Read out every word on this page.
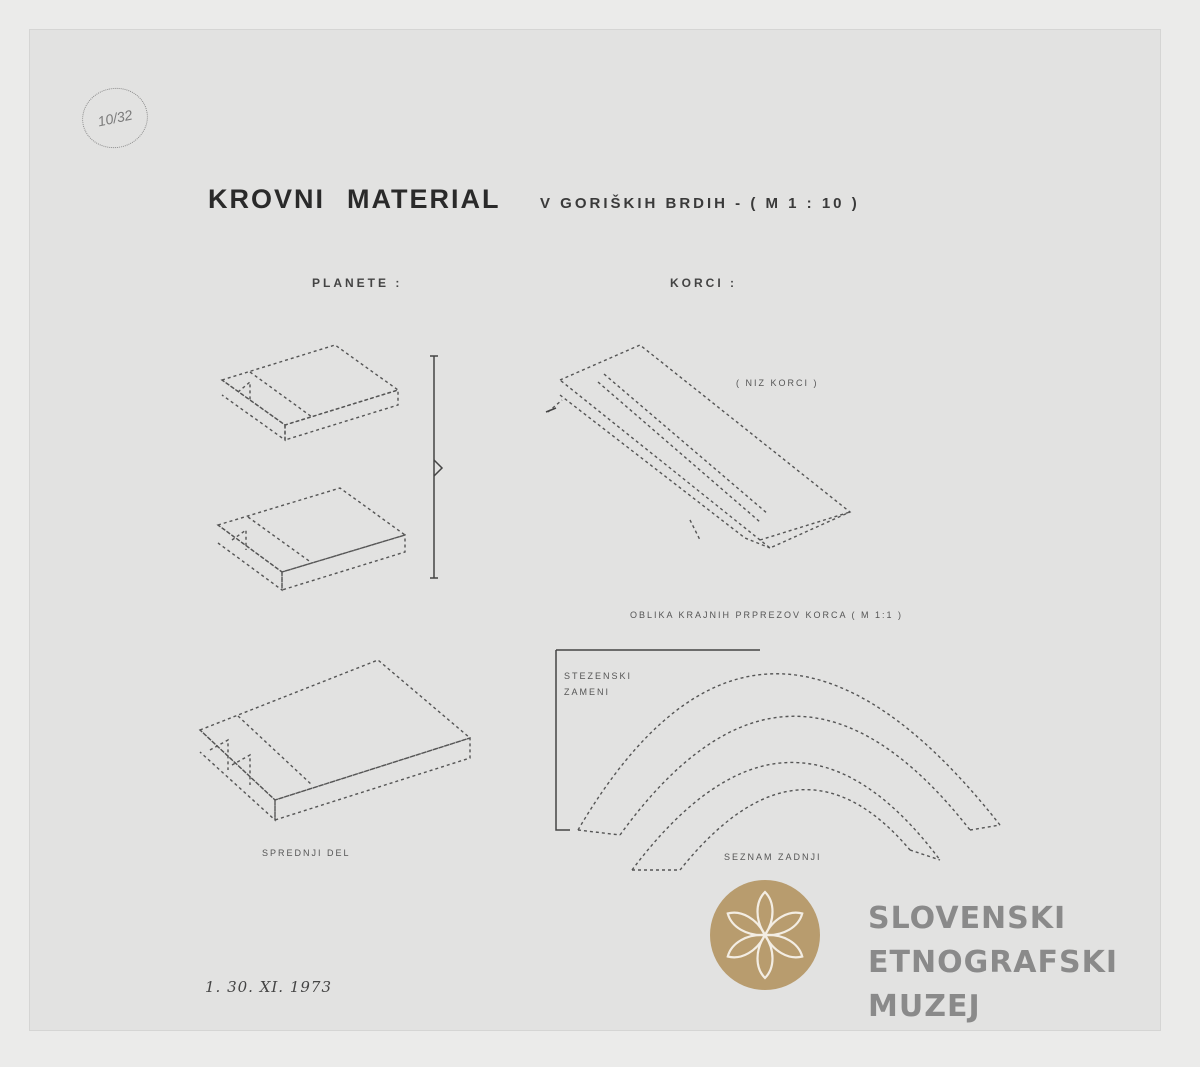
10/32
KROVNI MATERIAL	V GORIŠKIH BRDIH - ( M 1 : 10 )
PLANETE :	KORCI :
( NIZ KORCI )
OBLIKA KRAJNIH PRPREZOV KORCA ( M 1:1 )
STEZENSKI ZAMENI
SPREDNJI DEL	SEZNAM ZADNJI
1. 30. XI. 1973
SLOVENSKI
ETNOGRAFSKI
MUZEJ
